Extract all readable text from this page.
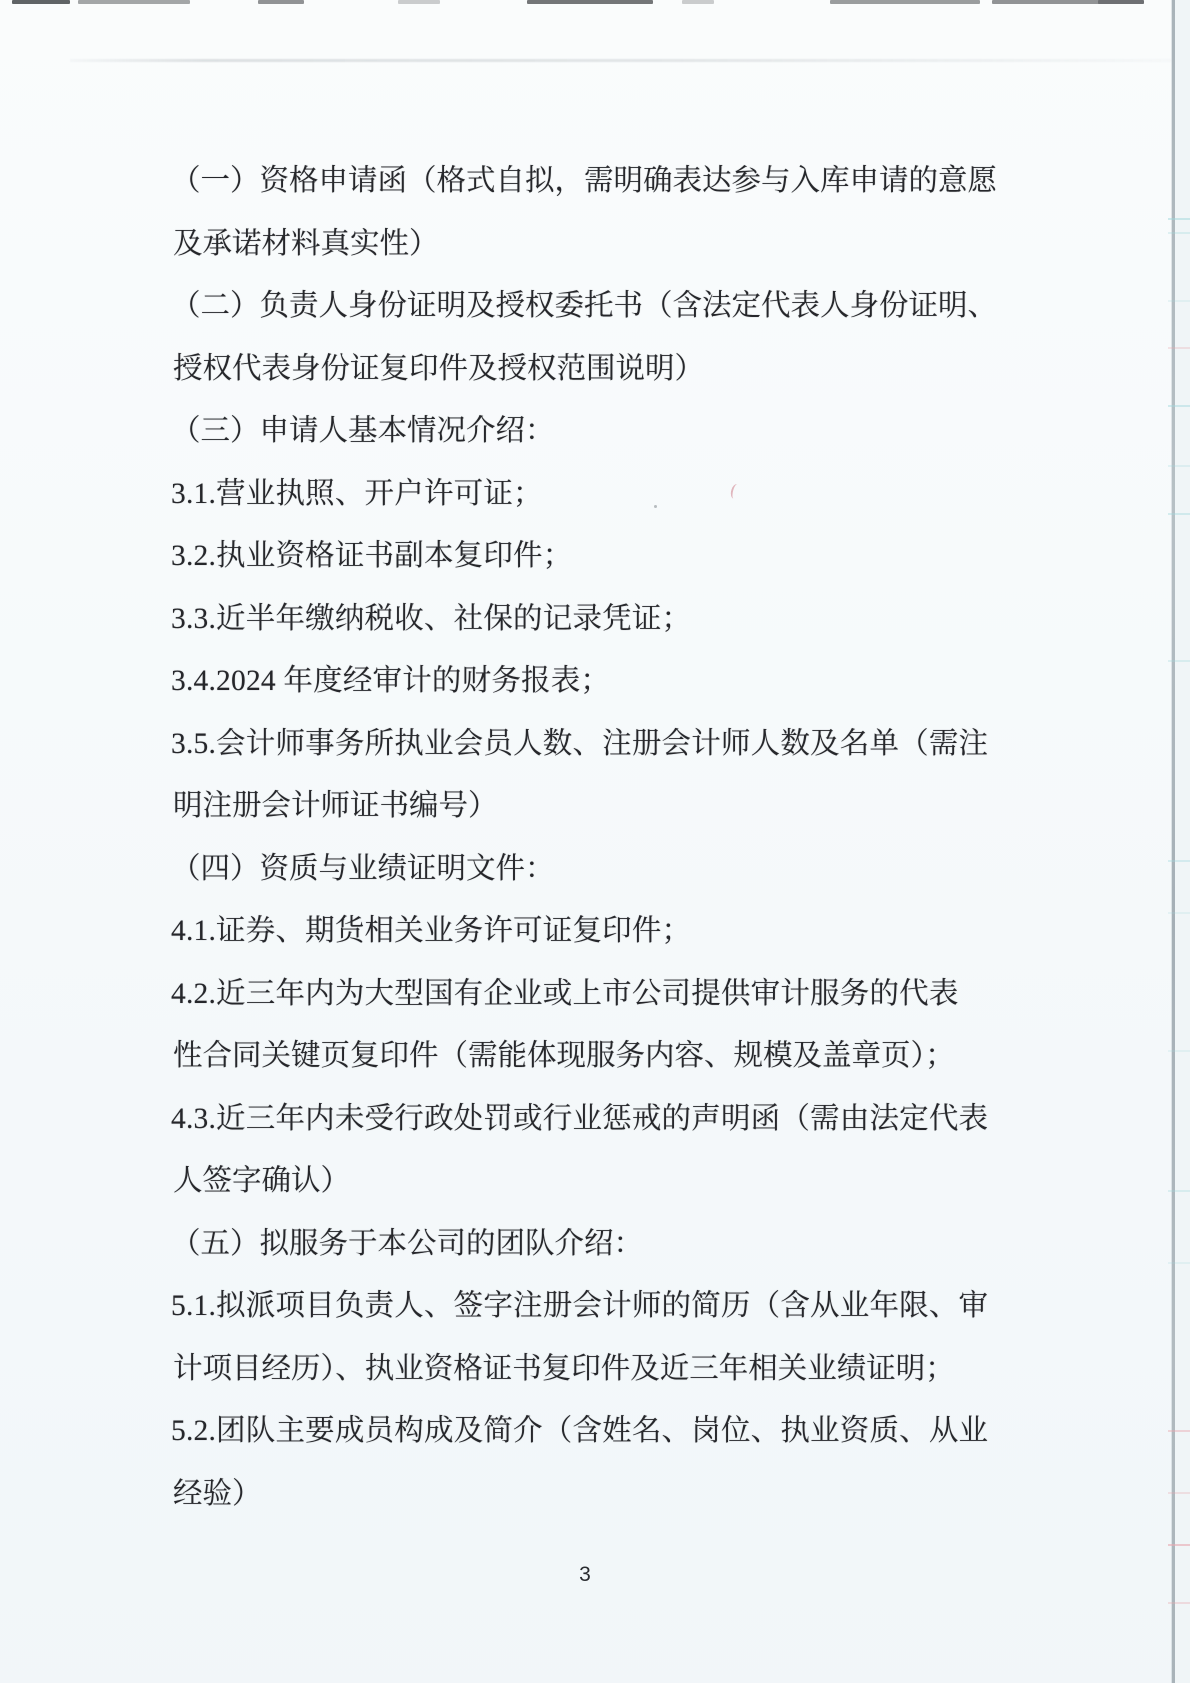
（一）资格申请函（格式自拟，需明确表达参与入库申请的意愿
及承诺材料真实性）
（二）负责人身份证明及授权委托书（含法定代表人身份证明、
授权代表身份证复印件及授权范围说明）
（三）申请人基本情况介绍：
3.1.营业执照、开户许可证；
3.2.执业资格证书副本复印件；
3.3.近半年缴纳税收、社保的记录凭证；
3.4.2024 年度经审计的财务报表；
3.5.会计师事务所执业会员人数、注册会计师人数及名单（需注
明注册会计师证书编号）
（四）资质与业绩证明文件：
4.1.证券、期货相关业务许可证复印件；
4.2.近三年内为大型国有企业或上市公司提供审计服务的代表
性合同关键页复印件（需能体现服务内容、规模及盖章页）；
4.3.近三年内未受行政处罚或行业惩戒的声明函（需由法定代表
人签字确认）
（五）拟服务于本公司的团队介绍：
5.1.拟派项目负责人、签字注册会计师的简历（含从业年限、审
计项目经历）、执业资格证书复印件及近三年相关业绩证明；
5.2.团队主要成员构成及简介（含姓名、岗位、执业资质、从业
经验）
3
